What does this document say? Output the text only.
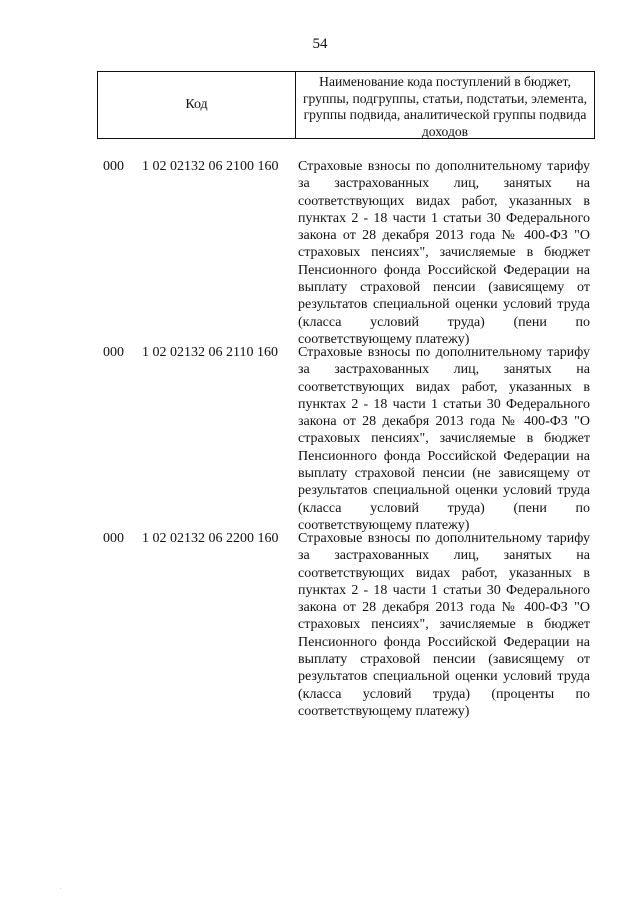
54
Код
Наименование кода поступлений в бюджет, группы, подгруппы, статьи, подстатьи, элемента, группы подвида, аналитической группы подвида доходов
000 1 02 02132 06 2100 160 Страховые взносы по дополнительному тарифу за застрахованных лиц, занятых на соответствующих видах работ, указанных в пунктах 2 - 18 части 1 статьи 30 Федерального закона от 28 декабря 2013 года № 400-ФЗ "О страховых пенсиях", зачисляемые в бюджет Пенсионного фонда Российской Федерации на выплату страховой пенсии (зависящему от результатов специальной оценки условий труда (класса условий труда) (пени по соответствующему платежу)

000 1 02 02132 06 2110 160 Страховые взносы по дополнительному тарифу за застрахованных лиц, занятых на соответствующих видах работ, указанных в пунктах 2 - 18 части 1 статьи 30 Федерального закона от 28 декабря 2013 года № 400-ФЗ "О страховых пенсиях", зачисляемые в бюджет Пенсионного фонда Российской Федерации на выплату страховой пенсии (не зависящему от результатов специальной оценки условий труда (класса условий труда) (пени по соответствующему платежу)

000 1 02 02132 06 2200 160 Страховые взносы по дополнительному тарифу за застрахованных лиц, занятых на соответствующих видах работ, указанных в пунктах 2 - 18 части 1 статьи 30 Федерального закона от 28 декабря 2013 года № 400-ФЗ "О страховых пенсиях", зачисляемые в бюджет Пенсионного фонда Российской Федерации на выплату страховой пенсии (зависящему от результатов специальной оценки условий труда (класса условий труда) (проценты по соответствующему платежу)

.
